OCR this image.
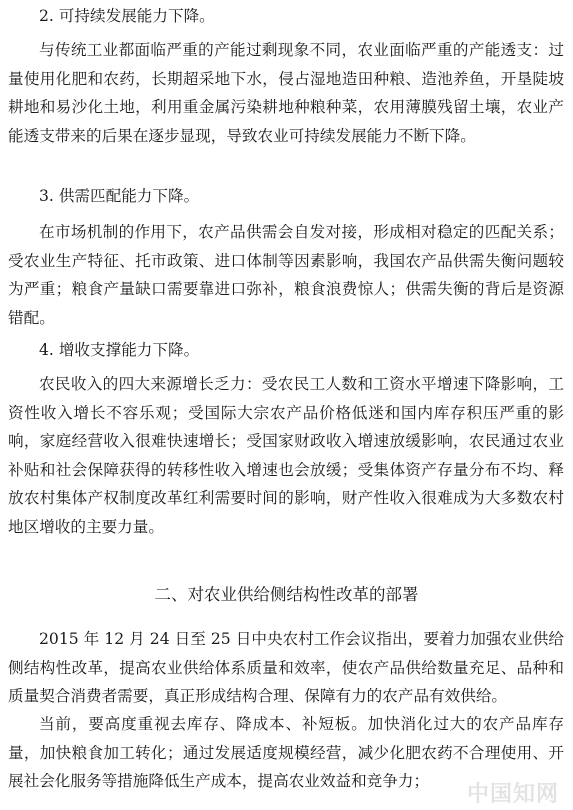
2. 可持续发展能力下降。

与传统工业都面临严重的产能过剩现象不同，农业面临严重的产能透支：过量使用化肥和农药，长期超采地下水，侵占湿地造田种粮、造池养鱼，开垦陡坡耕地和易沙化土地，利用重金属污染耕地种粮种菜，农用薄膜残留土壤，农业产能透支带来的后果在逐步显现，导致农业可持续发展能力不断下降。

3. 供需匹配能力下降。

在市场机制的作用下，农产品供需会自发对接，形成相对稳定的匹配关系；受农业生产特征、托市政策、进口体制等因素影响，我国农产品供需失衡问题较为严重；粮食产量缺口需要靠进口弥补，粮食浪费惊人；供需失衡的背后是资源错配。

4. 增收支撑能力下降。

农民收入的四大来源增长乏力：受农民工人数和工资水平增速下降影响，工资性收入增长不容乐观；受国际大宗农产品价格低迷和国内库存积压严重的影响，家庭经营收入很难快速增长；受国家财政收入增速放缓影响，农民通过农业补贴和社会保障获得的转移性收入增速也会放缓；受集体资产存量分布不均、释放农村集体产权制度改革红利需要时间的影响，财产性收入很难成为大多数农村地区增收的主要力量。

二、对农业供给侧结构性改革的部署

2015 年 12 月 24 日至 25 日中央农村工作会议指出，要着力加强农业供给侧结构性改革，提高农业供给体系质量和效率，使农产品供给数量充足、品种和质量契合消费者需要，真正形成结构合理、保障有力的农产品有效供给。

当前，要高度重视去库存、降成本、补短板。加快消化过大的农产品库存量，加快粮食加工转化；通过发展适度规模经营，减少化肥农药不合理使用、开展社会化服务等措施降低生产成本，提高农业效益和竞争力；

中国知网
